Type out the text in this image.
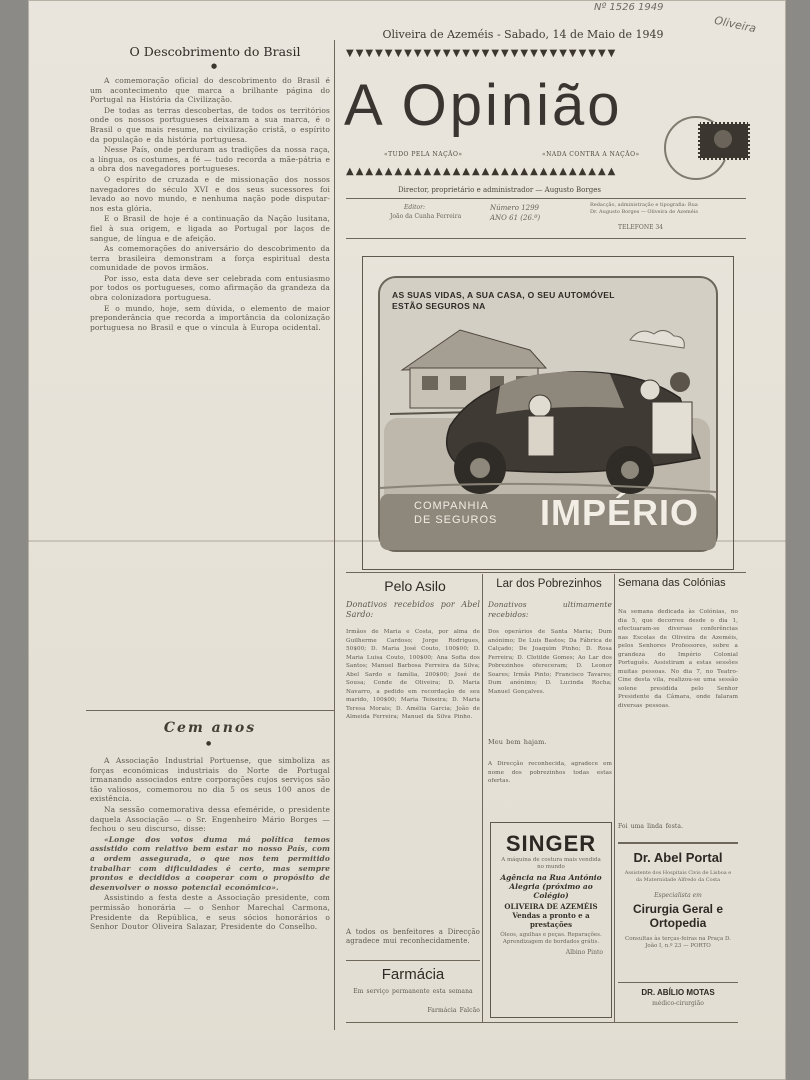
Nº 1526 1949
Oliveira
O Descobrimento do Brasil
●

A comemoração oficial do descobrimento do Brasil é um acontecimento que marca a brilhante página do Portugal na História da Civilização.

De todas as terras descobertas, de todos os territórios onde os nossos portugueses deixaram a sua marca, é o Brasil o que mais resume, na civilização cristã, o espírito da população e da história portuguesa.

Nesse País, onde perduram as tradições da nossa raça, a língua, os costumes, a fé — tudo recorda a mãe-pátria e a obra dos navegadores portugueses.

O espírito de cruzada e de missionação dos nossos navegadores do século XVI e dos seus sucessores foi levado ao novo mundo, e nenhuma nação pode disputar-nos esta glória.

E o Brasil de hoje é a continuação da Nação lusitana, fiel à sua origem, e ligada ao Portugal por laços de sangue, de língua e de afeição.

As comemorações do aniversário do descobrimento da terra brasileira demonstram a força espiritual desta comunidade de povos irmãos.

Por isso, esta data deve ser celebrada com entusiasmo por todos os portugueses, como afirmação da grandeza da obra colonizadora portuguesa.

E o mundo, hoje, sem dúvida, o elemento de maior preponderância que recorda a importância da colonização portuguesa no Brasil e que o vincula à Europa ocidental.

Cem anos
●

A Associação Industrial Portuense, que simboliza as forças económicas industriais do Norte de Portugal irmanando associados entre corporações cujos serviços são tão valiosos, comemorou no dia 5 os seus 100 anos de existência.

Na sessão comemorativa dessa efeméride, o presidente daquela Associação — o Sr. Engenheiro Mário Borges — fechou o seu discurso, disse:

«Longe dos votos duma má política temos assistido com relativo bem estar no nosso País, com a ordem assegurada, o que nos tem permitido trabalhar com dificuldades é certo, mas sempre prontos e decididos a cooperar com o propósito de desenvolver o nosso potencial económico».

Assistindo a festa deste a Associação presidente, com permissão honorária — o Senhor Marechal Carmona, Presidente da República, e seus sócios honorários o Senhor Doutor Oliveira Salazar, Presidente do Conselho.

Oliveira de Azeméis - Sabado, 14 de Maio de 1949
▼▼▼▼▼▼▼▼▼▼▼▼▼▼▼▼▼▼▼▼▼▼▼▼▼▼▼▼
A Opinião
«TUDO PELA NAÇÃO»	«NADA CONTRA A NAÇÃO»
▲▲▲▲▲▲▲▲▲▲▲▲▲▲▲▲▲▲▲▲▲▲▲▲▲▲▲▲
Director, proprietário e administrador — Augusto Borges
Editor:
João da Cunha Ferreira
Número 1299
ANO 61 (26.º)
Redacção, administração e tipografia: Rua Dr. Augusto Borges — Oliveira de Azeméis
TELEFONE 34
AS SUAS VIDAS, A SUA CASA, O SEU AUTOMÓVEL ESTÃO SEGUROS NA
COMPANHIA
DE SEGUROS IMPÉRIO
Pelo Asilo
Donativos recebidos por Abel Sardo:
Irmãos de Maria e Costa, por alma de Guilherme Cardoso; Jorge Rodrigues, 50$00; D. Maria José Couto, 100$00; D. Maria Luisa Couto, 100$00; Ana Sofia dos Santos; Manuel Barbosa Ferreira da Silva; Abel Sardo e família, 200$00; José de Sousa; Conde de Oliveira; D. Maria Navarro, a pedido em recordação de seu marido, 100$00; Maria Teixeira; D. Maria Teresa Morais; D. Amélia Garcia; João de Almeida Ferreira; Manuel da Silva Pinho.
A todos os benfeitores a Direcção agradece mui reconhecidamente.
Farmácia
Em serviço permanente esta semana
Farmácia Falcão
Lar dos Pobrezinhos
Donativos ultimamente recebidos:
Dos operários de Santa Maria; Dum anónimo; De Luis Bastos; Da Fábrica de Calçado; De Joaquim Pinho; D. Rosa Ferreira; D. Clotilde Gomes; Ao Lar dos Pobrezinhos ofereceram; D. Leonor Soares; Irmãs Pinto; Francisco Tavares; Dum anónimo; D. Lucinda Rocha; Manuel Gonçalves.
Meu bem hajam.
A Direcção reconhecida, agradece em nome dos pobrezinhos todas estas ofertas.
SINGER
A máquina de costura mais vendida no mundo
Agência na Rua António Alegria (próximo ao Colégio)
OLIVEIRA DE AZEMÉIS
Vendas a pronto e a prestações
Óleos, agulhas e peças. Reparações. Aprendizagem de bordados grátis.
Albino Pinto
Semana das Colónias
Na semana dedicada às Colónias, no dia 5, que decorreu desde o dia 1, efectuaram-se diversas conferências nas Escolas de Oliveira de Azeméis, pelos Senhores Professores, sobre a grandeza do Império Colonial Português. Assistiram a estas sessões muitas pessoas. No dia 7, no Teatro-Cine desta vila, realizou-se uma sessão solene presidida pelo Senhor Presidente da Câmara, onde falaram diversas pessoas.
Foi uma linda festa.
Dr. Abel Portal
Assistente dos Hospitais Civis de Lisboa e da Maternidade Alfredo da Costa
Especialista em
Cirurgia Geral e Ortopedia
Consultas às terças-feiras na Praça D. João I, n.º 23 — PORTO
DR. ABÍLIO MOTAS
médico-cirurgião
